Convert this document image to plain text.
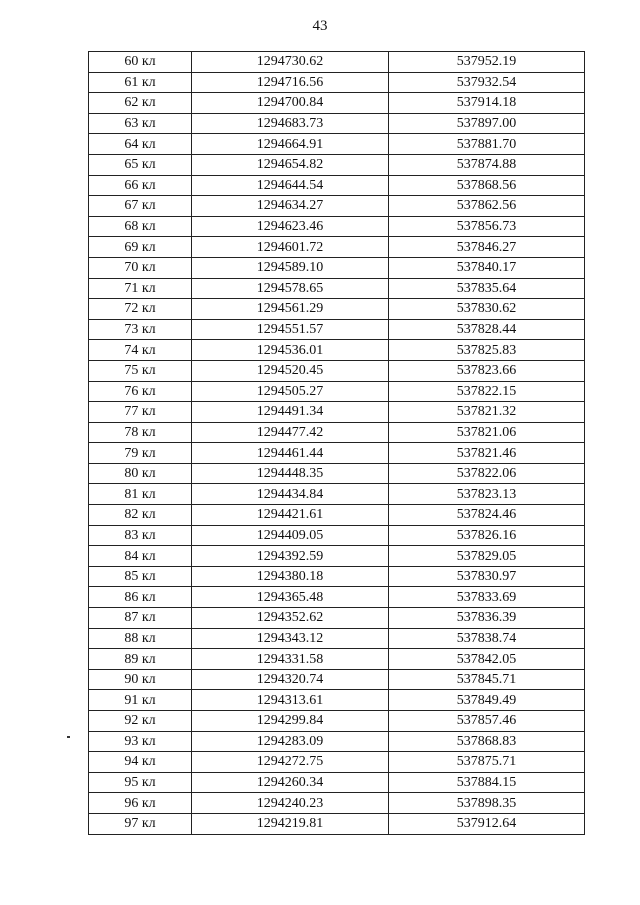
43
60 кл	1294730.62	537952.19
61 кл	1294716.56	537932.54
62 кл	1294700.84	537914.18
63 кл	1294683.73	537897.00
64 кл	1294664.91	537881.70
65 кл	1294654.82	537874.88
66 кл	1294644.54	537868.56
67 кл	1294634.27	537862.56
68 кл	1294623.46	537856.73
69 кл	1294601.72	537846.27
70 кл	1294589.10	537840.17
71 кл	1294578.65	537835.64
72 кл	1294561.29	537830.62
73 кл	1294551.57	537828.44
74 кл	1294536.01	537825.83
75 кл	1294520.45	537823.66
76 кл	1294505.27	537822.15
77 кл	1294491.34	537821.32
78 кл	1294477.42	537821.06
79 кл	1294461.44	537821.46
80 кл	1294448.35	537822.06
81 кл	1294434.84	537823.13
82 кл	1294421.61	537824.46
83 кл	1294409.05	537826.16
84 кл	1294392.59	537829.05
85 кл	1294380.18	537830.97
86 кл	1294365.48	537833.69
87 кл	1294352.62	537836.39
88 кл	1294343.12	537838.74
89 кл	1294331.58	537842.05
90 кл	1294320.74	537845.71
91 кл	1294313.61	537849.49
92 кл	1294299.84	537857.46
93 кл	1294283.09	537868.83
94 кл	1294272.75	537875.71
95 кл	1294260.34	537884.15
96 кл	1294240.23	537898.35
97 кл	1294219.81	537912.64
